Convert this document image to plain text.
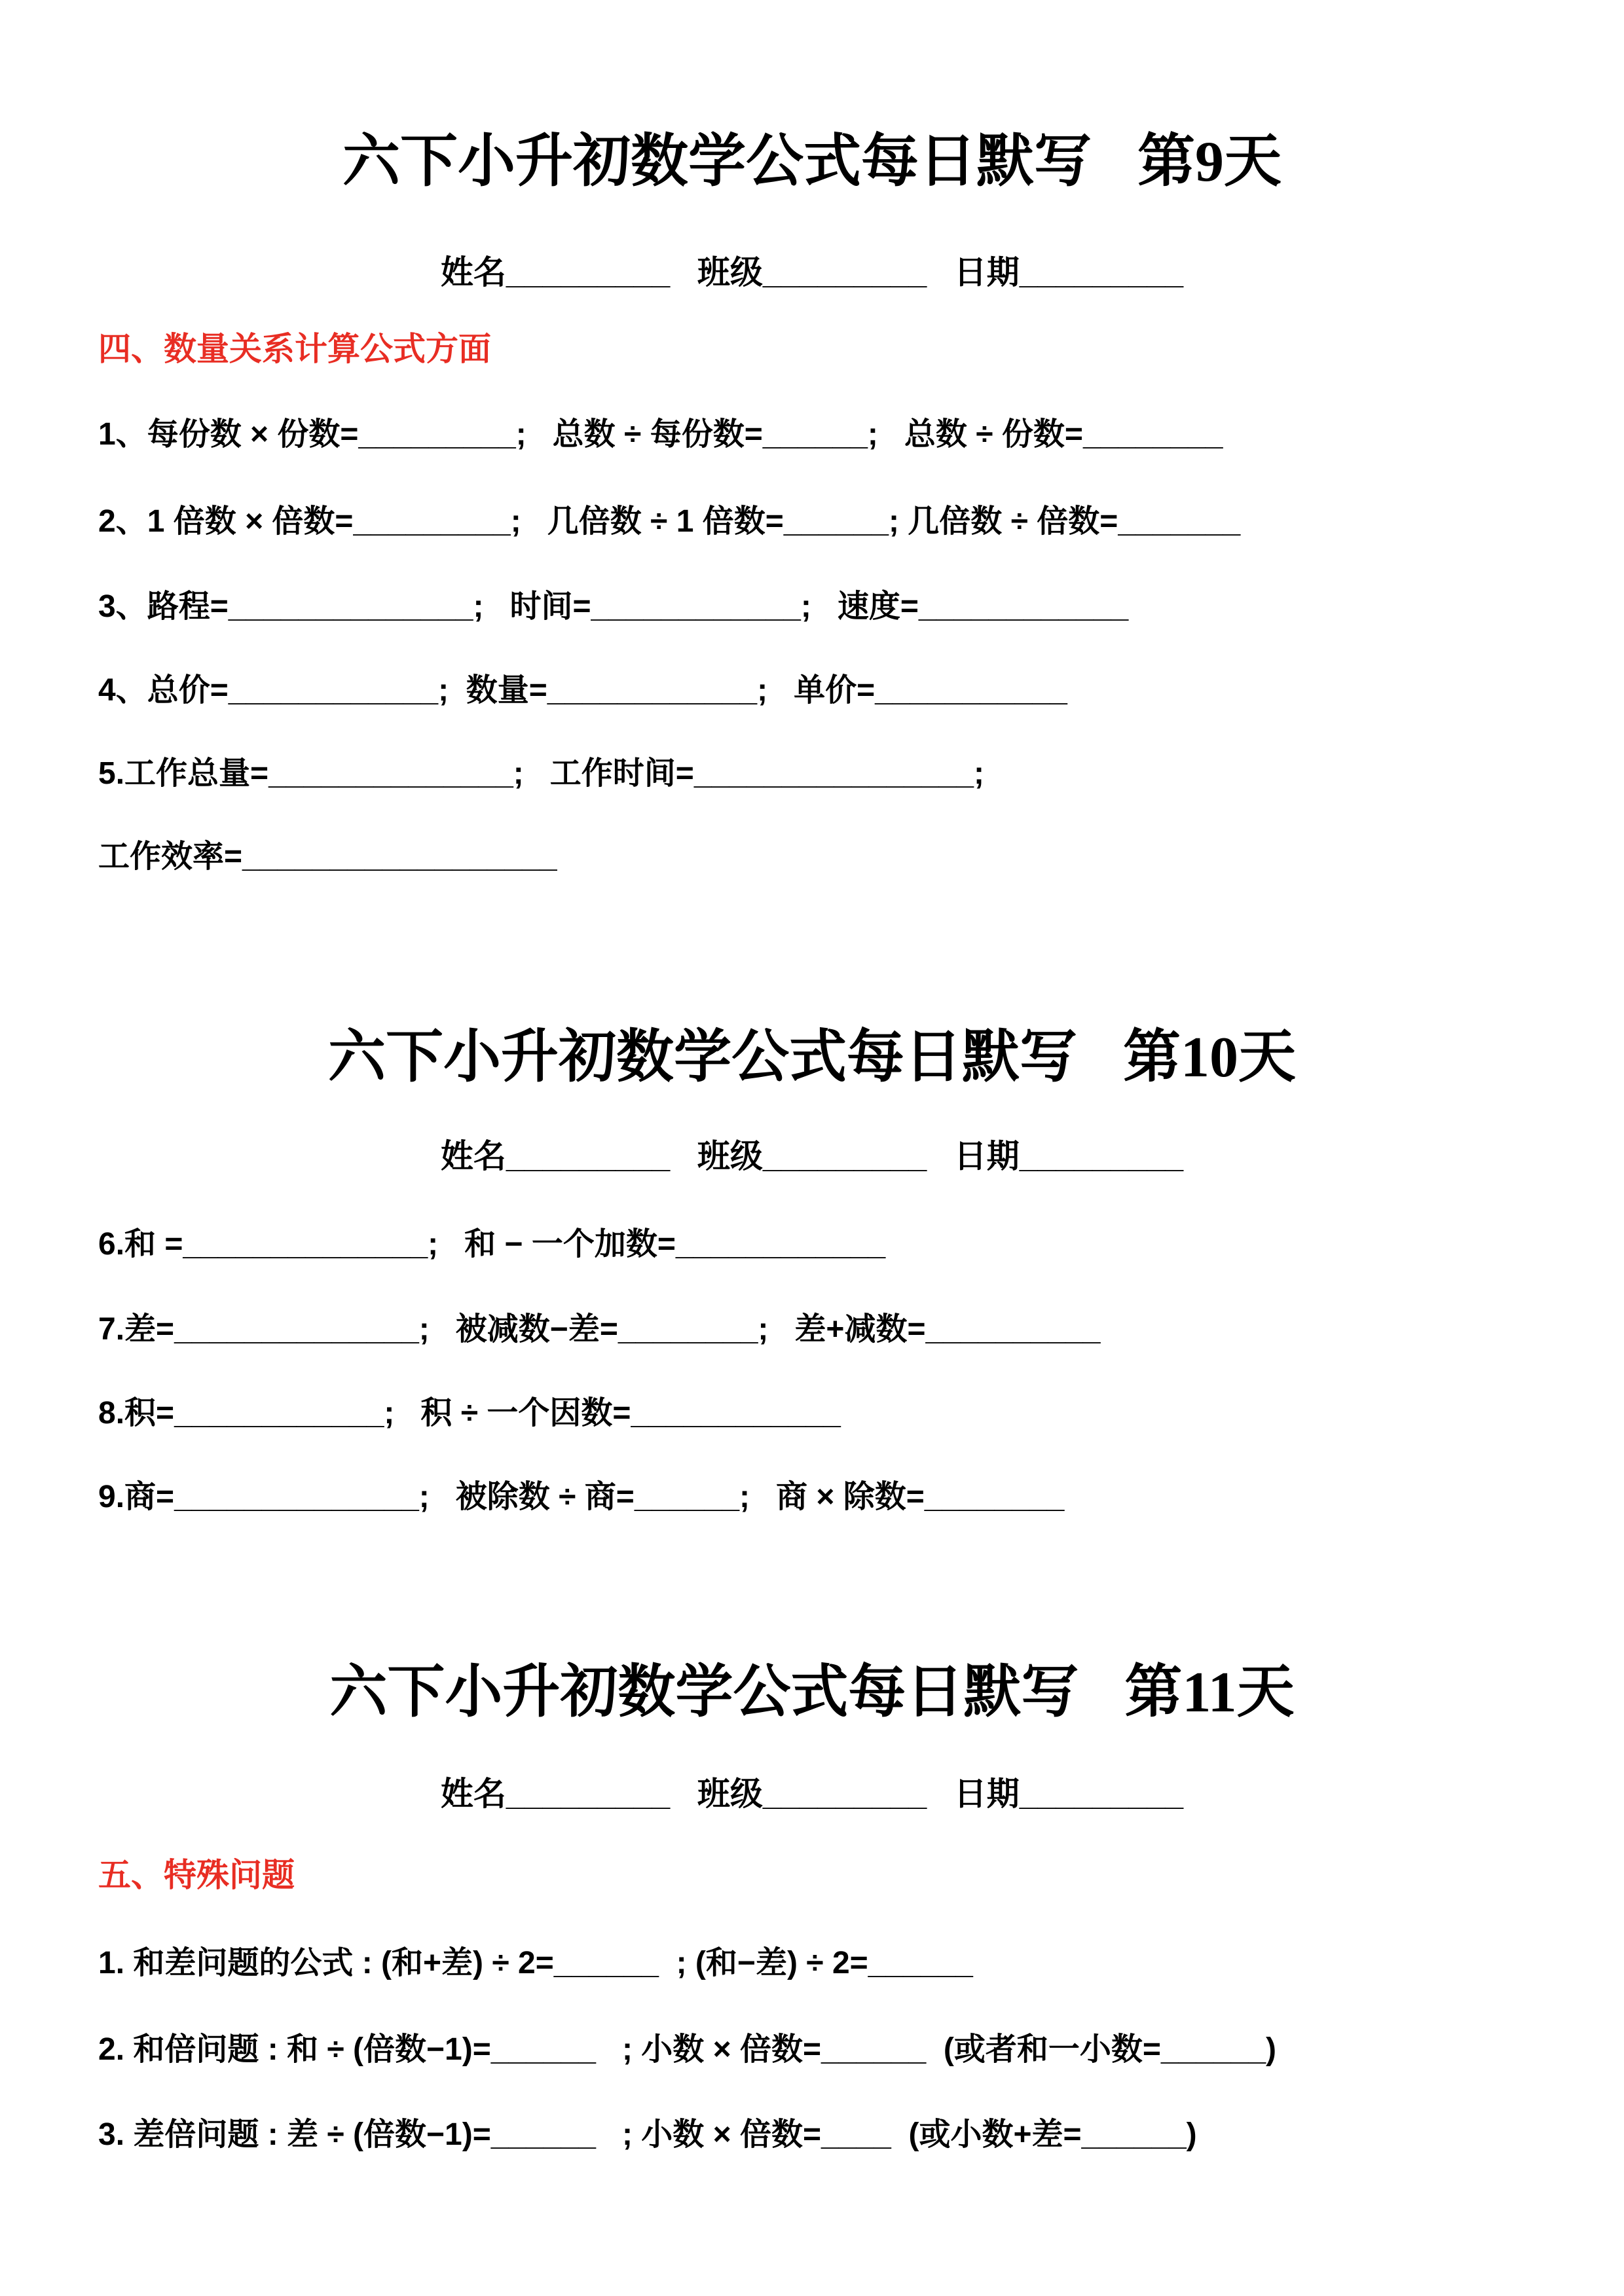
六下小升初数学公式每日默写 第9天
姓名_________   班级_________   日期_________
四、数量关系计算公式方面
1、每份数 × 份数=_________;   总数 ÷ 每份数=______;   总数 ÷ 份数=________
2、1 倍数 × 倍数=_________;   几倍数 ÷ 1 倍数=______; 几倍数 ÷ 倍数=_______
3、路程=______________;   时间=____________;   速度=____________
4、总价=____________;  数量=____________;   单价=___________
5.工作总量=______________;   工作时间=________________;
工作效率=__________________
六下小升初数学公式每日默写 第10天
姓名_________   班级_________   日期_________
6.和 =______________;   和 − 一个加数=____________
7.差=______________;   被减数−差=________;   差+减数=__________
8.积=____________;   积 ÷ 一个因数=____________
9.商=______________;   被除数 ÷ 商=______;   商 × 除数=________
六下小升初数学公式每日默写 第11天
姓名_________   班级_________   日期_________
五、特殊问题
1. 和差问题的公式 : (和+差) ÷ 2=______  ; (和−差) ÷ 2=______
2. 和倍问题 : 和 ÷ (倍数−1)=______   ; 小数 × 倍数=______  (或者和一小数=______)
3. 差倍问题 : 差 ÷ (倍数−1)=______   ; 小数 × 倍数=____  (或小数+差=______)
